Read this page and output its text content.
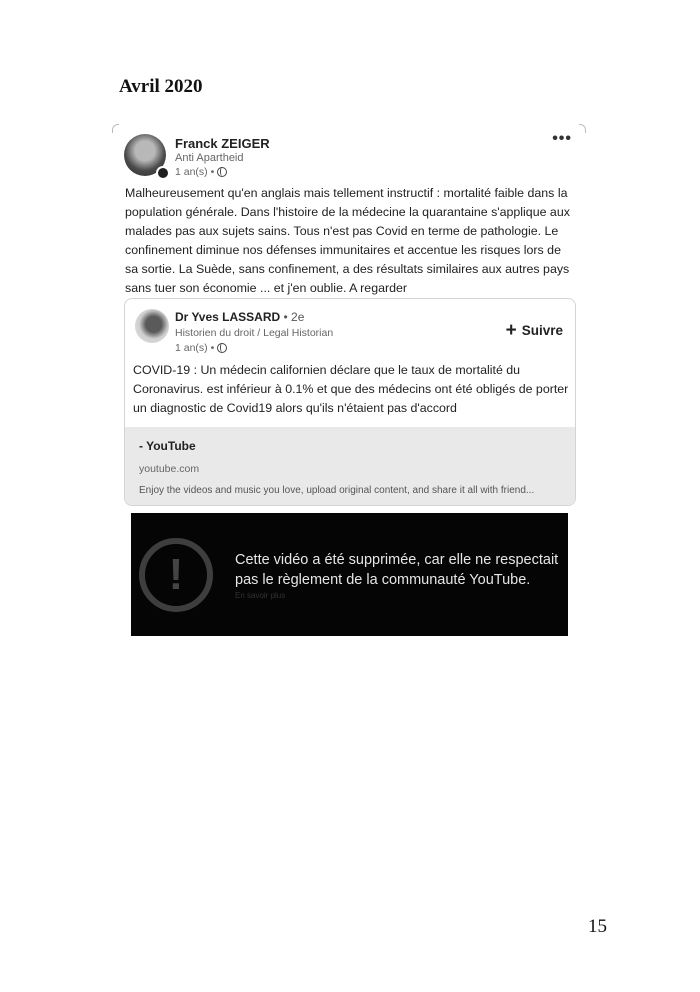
Avril 2020
Franck ZEIGER
Anti Apartheid
1 an(s) •
•••
Malheureusement qu'en anglais mais tellement instructif : mortalité faible dans la population générale. Dans l'histoire de la médecine la quarantaine s'applique aux malades pas aux sujets sains. Tous n'est pas Covid en terme de pathologie. Le confinement diminue nos défenses immunitaires et accentue les risques lors de sa sortie. La Suède, sans confinement, a des résultats similaires aux autres pays sans tuer son économie ... et j'en oublie. A regarder
Dr Yves LASSARD • 2e
Historien du droit / Legal Historian
1 an(s) •
+ Suivre
COVID-19 : Un médecin californien déclare que le taux de mortalité du Coronavirus. est inférieur à 0.1% et que des médecins ont été obligés de porter un diagnostic de Covid19 alors qu'ils n'étaient pas d'accord
- YouTube
youtube.com
Enjoy the videos and music you love, upload original content, and share it all with friend...
!	Cette vidéo a été supprimée, car elle ne respectait pas le règlement de la communauté YouTube.
En savoir plus
15
